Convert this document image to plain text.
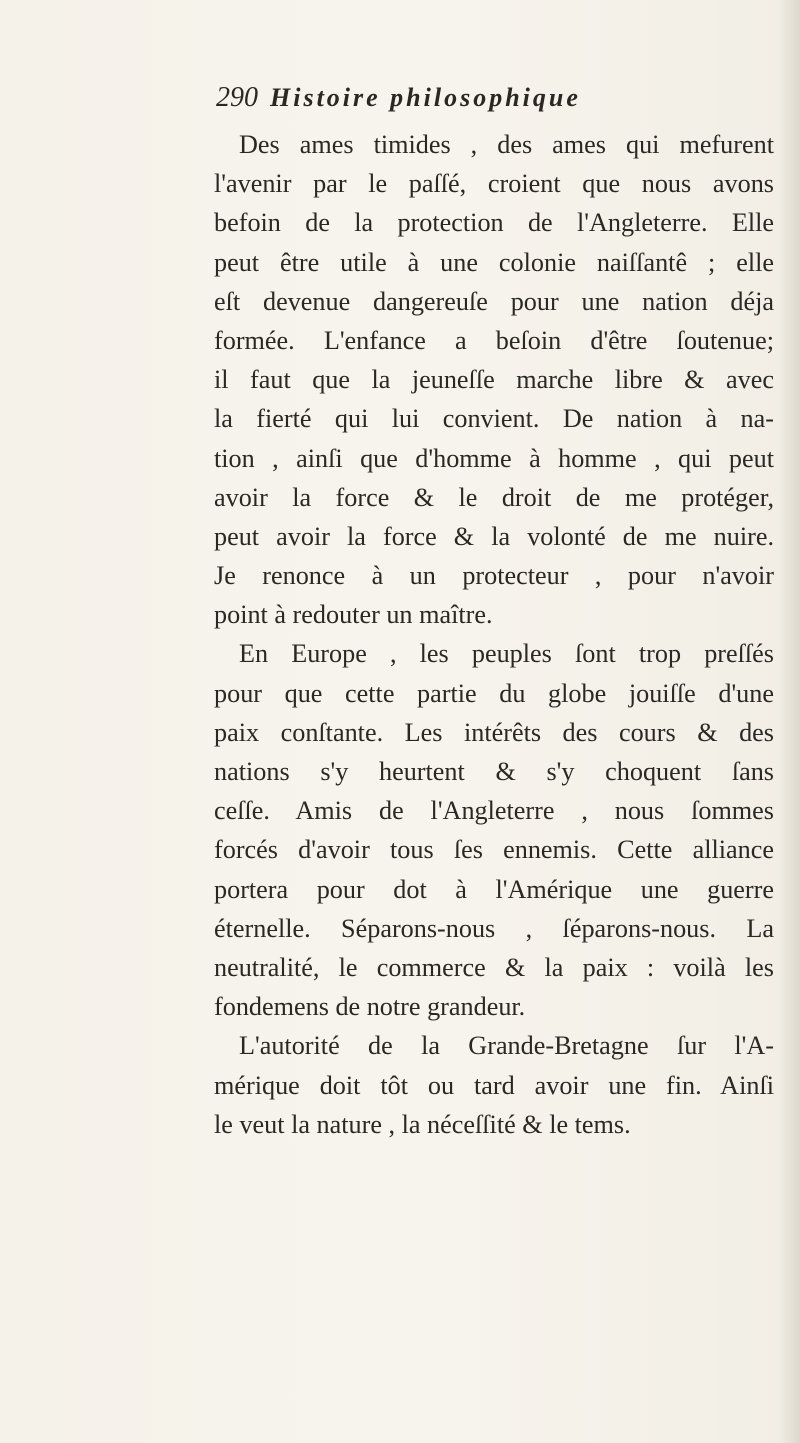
290 Histoire philosophique
Des ames timides , des ames qui mefurent
l'avenir par le paſſé, croient que nous avons
befoin de la protection de l'Angleterre. Elle
peut être utile à une colonie naiſſantê ; elle
eſt devenue dangereuſe pour une nation déja
formée. L'enfance a beſoin d'être ſoutenue;
il faut que la jeuneſſe marche libre & avec
la fierté qui lui convient. De nation à na-
tion , ainſi que d'homme à homme , qui peut
avoir la force & le droit de me protéger,
peut avoir la force & la volonté de me nuire.
Je renonce à un protecteur , pour n'avoir
point à redouter un maître.
En Europe , les peuples ſont trop preſſés
pour que cette partie du globe jouiſſe d'une
paix conſtante. Les intérêts des cours & des
nations s'y heurtent & s'y choquent ſans
ceſſe. Amis de l'Angleterre , nous ſommes
forcés d'avoir tous ſes ennemis. Cette alliance
portera pour dot à l'Amérique une guerre
éternelle. Séparons-nous , ſéparons-nous. La
neutralité, le commerce & la paix : voilà les
fondemens de notre grandeur.
L'autorité de la Grande-Bretagne ſur l'A-
mérique doit tôt ou tard avoir une fin. Ainſi
le veut la nature , la néceſſité & le tems.
